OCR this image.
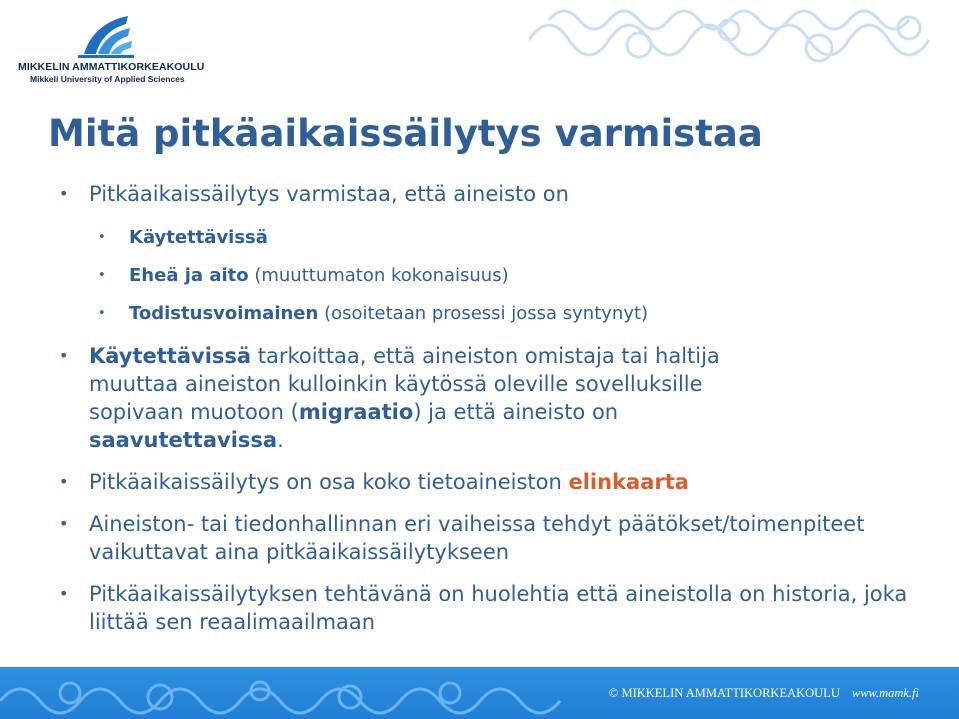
MIKKELIN AMMATTIKORKEAKOULU
Mikkeli University of Applied Sciences
Mitä pitkäaikaissäilytys varmistaa
• Pitkäaikaissäilytys varmistaa, että aineisto on
• Käytettävissä
• Eheä ja aito (muuttumaton kokonaisuus)
• Todistusvoimainen (osoitetaan prosessi jossa syntynyt)
• Käytettävissä tarkoittaa, että aineiston omistaja tai haltija muuttaa aineiston kulloinkin käytössä oleville sovelluksille sopivaan muotoon (migraatio) ja että aineisto on saavutettavissa.
• Pitkäaikaissäilytys on osa koko tietoaineiston elinkaarta
• Aineiston- tai tiedonhallinnan eri vaiheissa tehdyt päätökset/toimenpiteet vaikuttavat aina pitkäaikaissäilytykseen
• Pitkäaikaissäilytyksen tehtävänä on huolehtia että aineistolla on historia, joka liittää sen reaalimaailmaan
© MIKKELIN AMMATTIKORKEAKOULU www.mamk.fi
